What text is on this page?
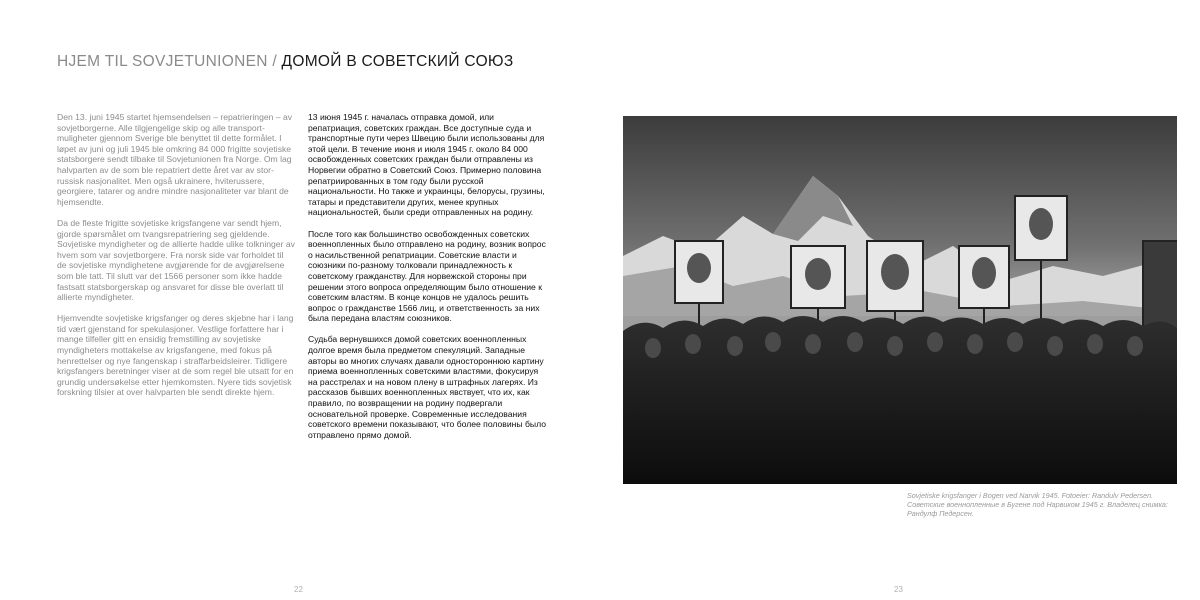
HJEM TIL SOVJETUNIONEN / ДОМОЙ В СОВЕТСКИЙ СОЮЗ

Den 13. juni 1945 startet hjemsendelsen – repatrieringen – av sovjetborgerne. Alle tilgjengelige skip og alle transportmuligheter gjennom Sverige ble benyttet til dette formålet. I løpet av juni og juli 1945 ble omkring 84 000 frigitte sovjetiske statsborgere sendt tilbake til Sovjetunionen fra Norge. Om lag halvparten av de som ble repatriert dette året var av stor-russisk nasjonalitet. Men også ukrainere, hviterussere, georgiere, tatarer og andre mindre nasjonaliteter var blant de hjemsendte.

Da de fleste frigitte sovjetiske krigsfangene var sendt hjem, gjorde spørsmålet om tvangsrepatriering seg gjeldende. Sovjetiske myndigheter og de allierte hadde ulike tolkninger av hvem som var sovjetborgere. Fra norsk side var forholdet til de sovjetiske myndighetene avgjørende for de avgjørelsene som ble tatt. Til slutt var det 1566 personer som ikke hadde fastsatt statsborgerskap og ansvaret for disse ble overlatt til allierte myndigheter.

Hjemvendte sovjetiske krigsfanger og deres skjebne har i lang tid vært gjenstand for spekulasjoner. Vestlige forfattere har i mange tilfeller gitt en ensidig fremstilling av sovjetiske myndigheters mottakelse av krigsfangene, med fokus på henrettelser og nye fangenskap i straffarbeidsleirer. Tidligere krigsfangers beretninger viser at de som regel ble utsatt for en grundig undersøkelse etter hjemkomsten. Nyere tids sovjetisk forskning tilsier at over halvparten ble sendt direkte hjem.

13 июня 1945 г. началась отправка домой, или репатриация, советских граждан. Все доступные суда и транспортные пути через Швецию были использованы для этой цели. В течение июня и июля 1945 г. около 84 000 освобожденных советских граждан были отправлены из Норвегии обратно в Советский Союз. Примерно половина репатриированных в том году были русской национальности. Но также и украинцы, белорусы, грузины, татары и представители других, менее крупных национальностей, были среди отправленных на родину.

После того как большинство освобожденных советских военнопленных было отправлено на родину, возник вопрос о насильственной репатриации. Советские власти и союзники по-разному толковали принадлежность к советскому гражданству. Для норвежской стороны при решении этого вопроса определяющим было отношение к советским властям. В конце концов не удалось решить вопрос о гражданстве 1566 лиц, и ответственность за них была передана властям союзников.

Судьба вернувшихся домой советских военнопленных долгое время была предметом спекуляций. Западные авторы во многих случаях давали одностороннюю картину приема военнопленных советскими властями, фокусируя на расстрелах и на новом плену в штрафных лагерях. Из рассказов бывших военнопленных явствует, что их, как правило, по возвращении на родину подвергали основательной проверке. Современные исследования советского времени показывают, что более половины было отправлено прямо домой.

Sovjetiske krigsfanger i Bogen ved Narvik 1945. Fotoeier: Randulv Pedersen.
Советские военнопленные в Бугене под Нарвиком 1945 г. Владелец снимка: Рандулф Педерсен.
22	23
